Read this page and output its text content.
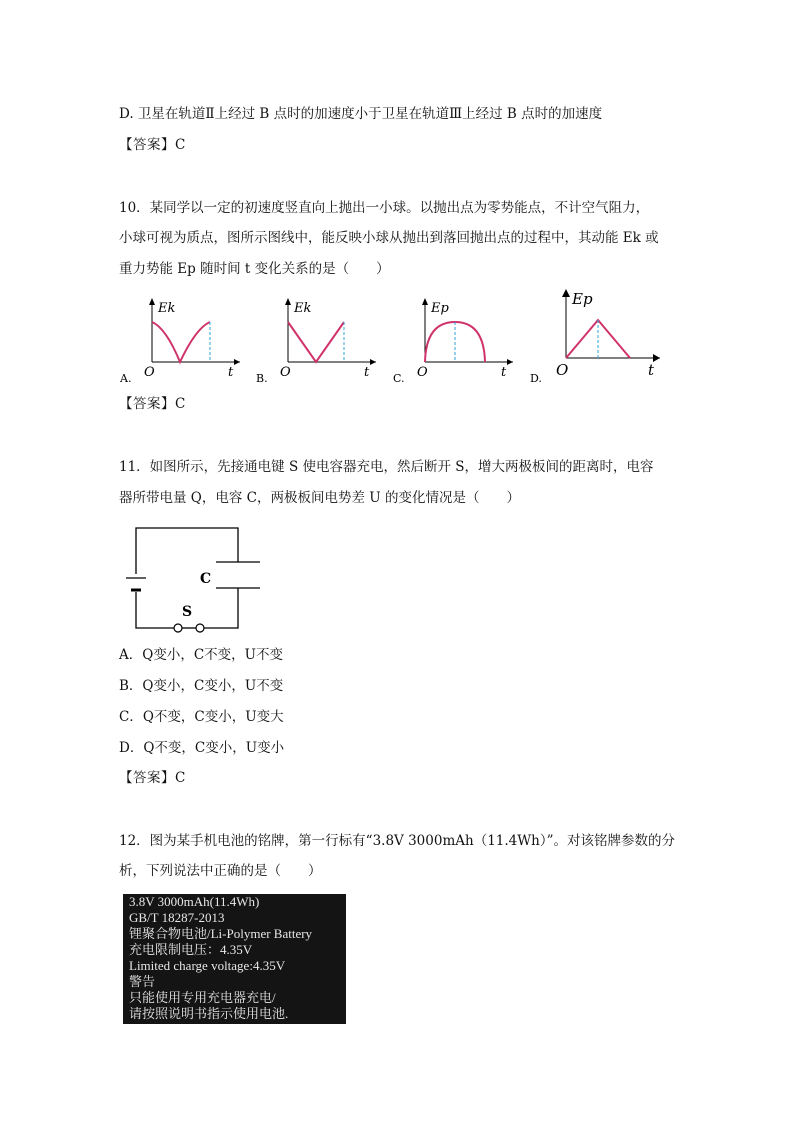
D. 卫星在轨道Ⅱ上经过 B 点时的加速度小于卫星在轨道Ⅲ上经过 B 点时的加速度
【答案】C
10．某同学以一定的初速度竖直向上抛出一小球。以抛出点为零势能点，不计空气阻力，
小球可视为质点，图所示图线中，能反映小球从抛出到落回抛出点的过程中，其动能 Ek 或
重力势能 Ep 随时间 t 变化关系的是（　　）
Ek
O	t
A.
Ek
O	t
B.
Ep
O	t
C.
Ep
O	t
D.
【答案】C
11．如图所示，先接通电键 S 使电容器充电，然后断开 S，增大两极板间的距离时，电容
器所带电量 Q，电容 C，两极板间电势差 U 的变化情况是（　　）
C
S
A．Q变小，C不变，U不变
B．Q变小，C变小，U不变
C．Q不变，C变小，U变大
D．Q不变，C变小，U变小
【答案】C
12．图为某手机电池的铭牌，第一行标有“3.8V 3000mAh（11.4Wh）”。对该铭牌参数的分
析，下列说法中正确的是（　　）
3.8V 3000mAh(11.4Wh)
GB/T 18287-2013
锂聚合物电池/Li-Polymer Battery
充电限制电压：4.35V
Limited charge voltage:4.35V
警告
只能使用专用充电器充电/
请按照说明书指示使用电池.
